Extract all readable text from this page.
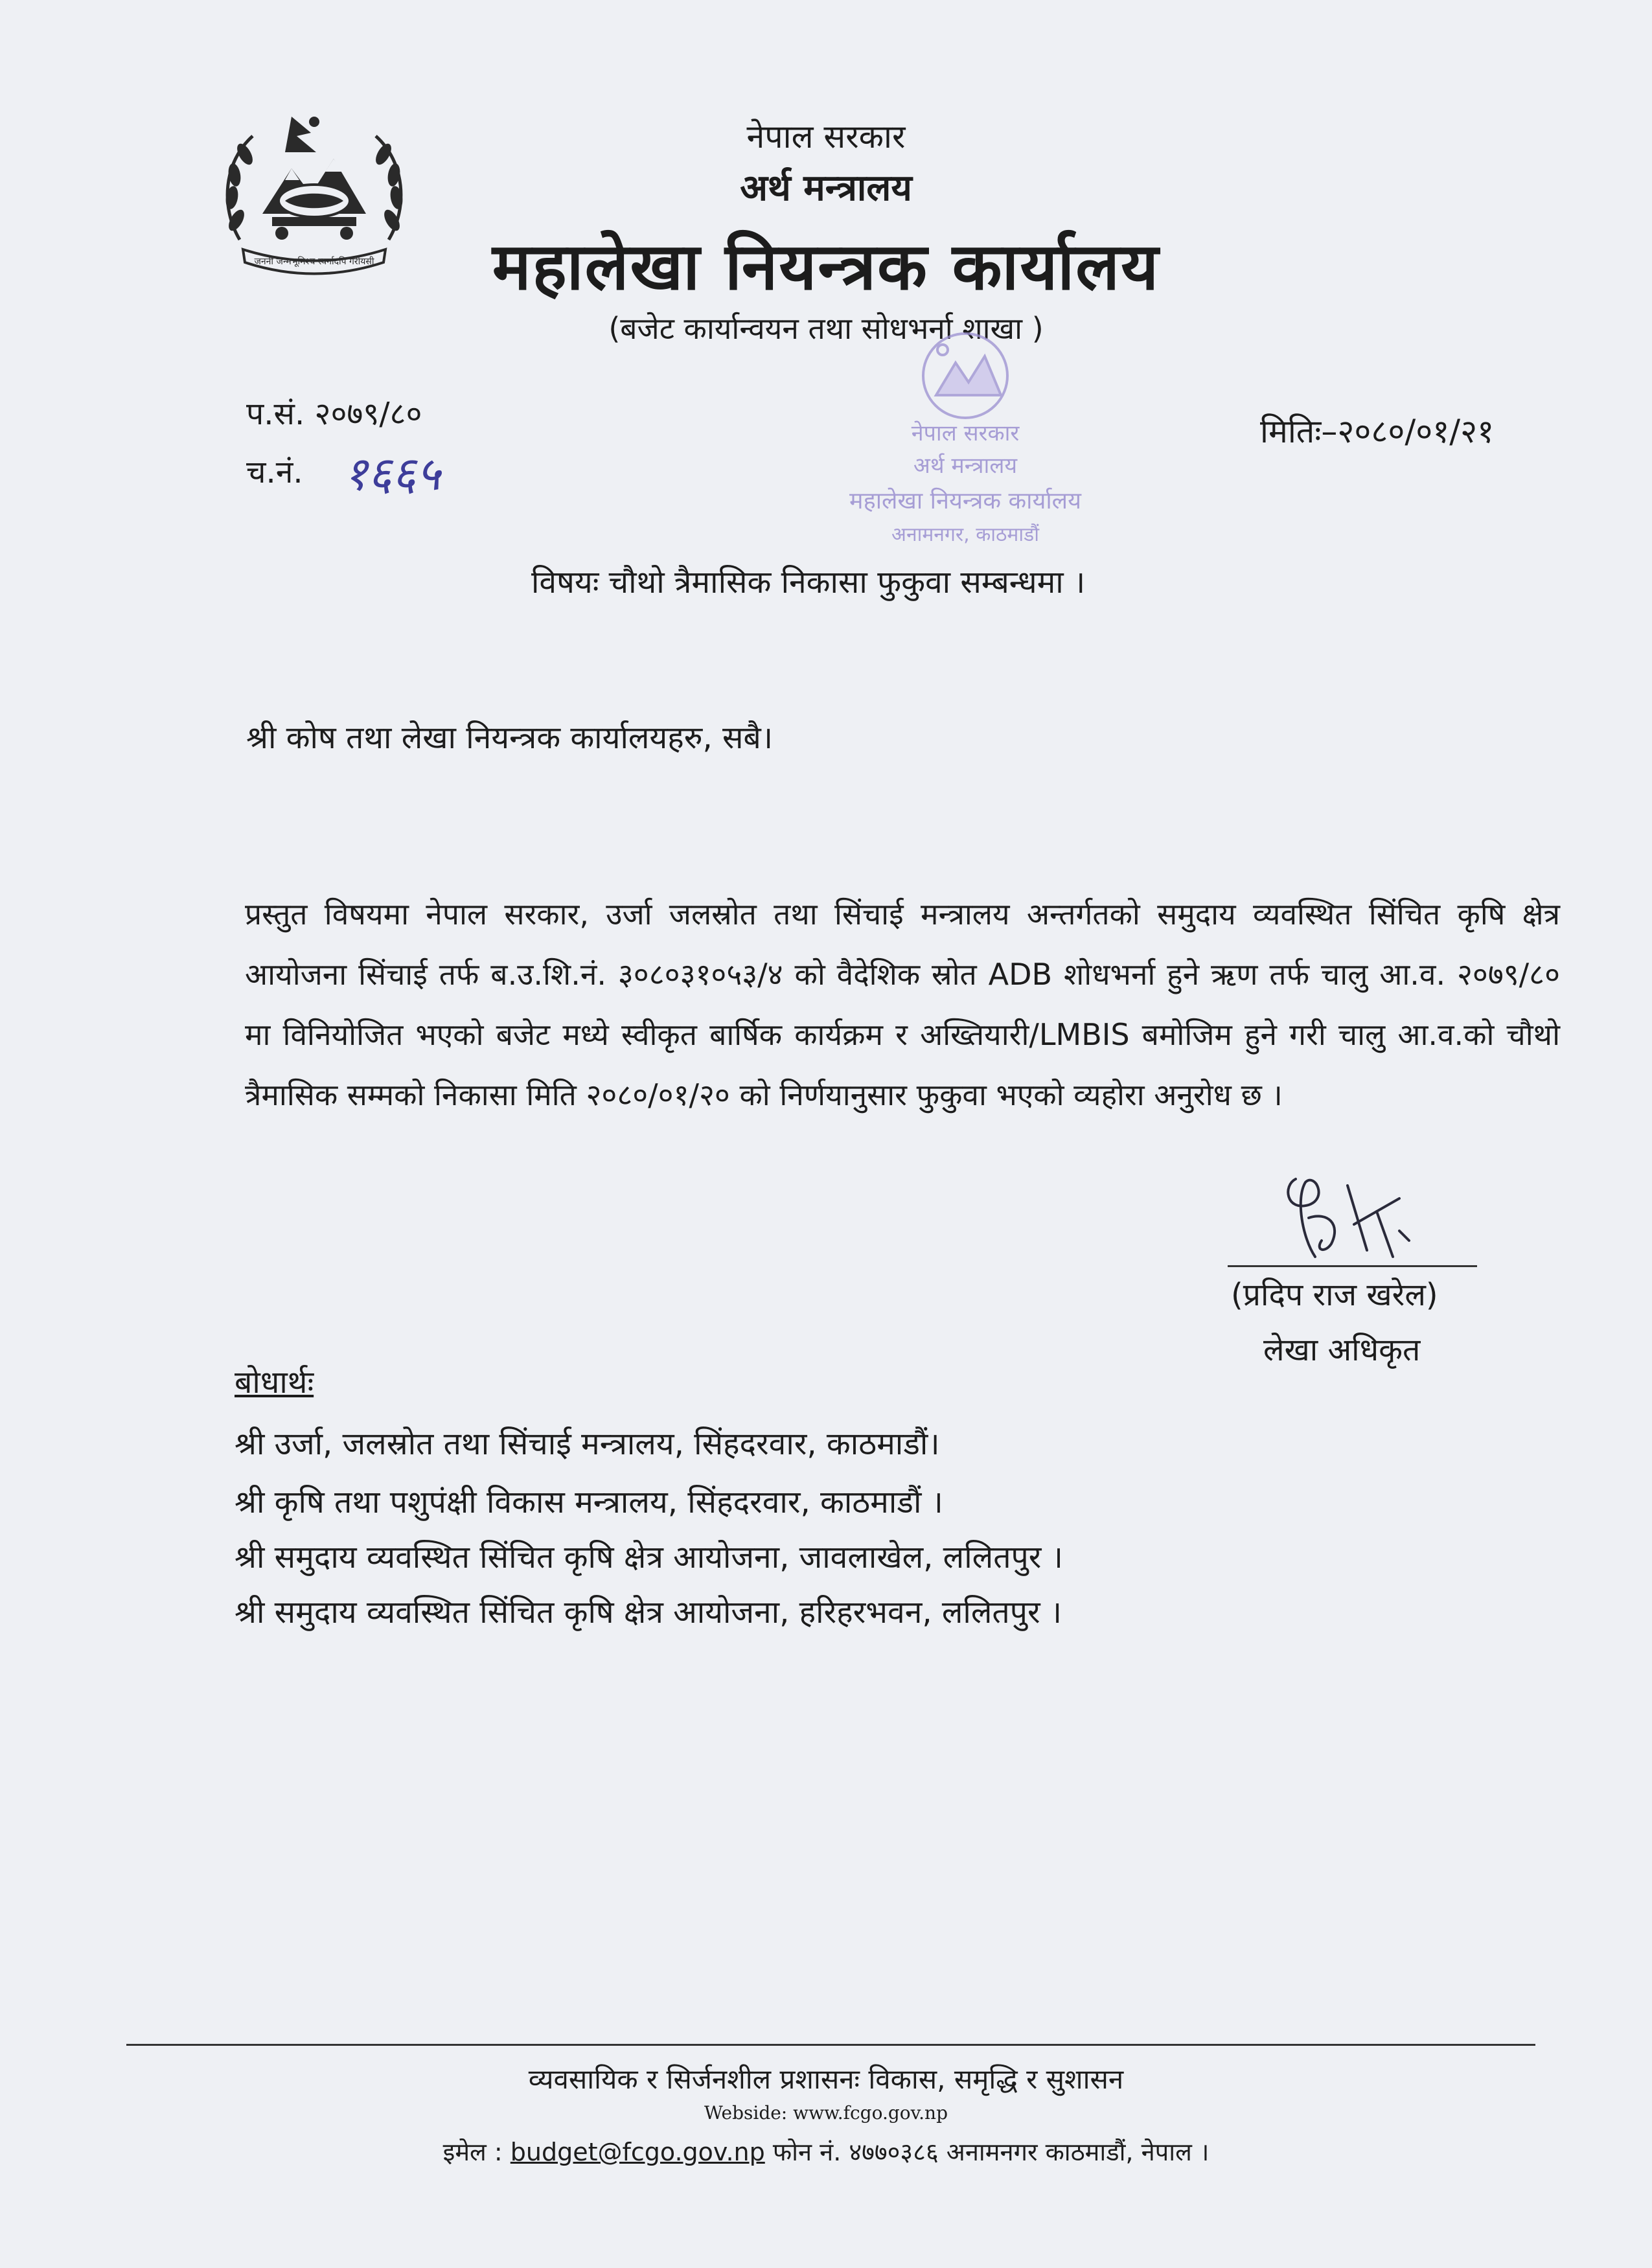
जननी जन्मभूमिश्च स्वर्गादपि गरीयसी
नेपाल सरकार
अर्थ मन्त्रालय
महालेखा नियन्त्रक कार्यालय
(बजेट कार्यान्वयन तथा सोधभर्ना शाखा )
प.सं. २०७९/८०
च.नं. १६६५
मितिः–२०८०/०१/२१
नेपाल सरकार
अर्थ मन्त्रालय
महालेखा नियन्त्रक कार्यालय
अनामनगर, काठमाडौं
विषयः चौथो त्रैमासिक निकासा फुकुवा सम्बन्धमा ।
श्री कोष तथा लेखा नियन्त्रक कार्यालयहरु, सबै।
प्रस्तुत विषयमा नेपाल सरकार, उर्जा जलस्रोत तथा सिंचाई मन्त्रालय अन्तर्गतको समुदाय व्यवस्थित सिंचित कृषि क्षेत्र आयोजना सिंचाई तर्फ ब.उ.शि.नं. ३०८०३१०५३/४ को वैदेशिक स्रोत ADB शोधभर्ना हुने ऋण तर्फ चालु आ.व. २०७९/८० मा विनियोजित भएको बजेट मध्ये स्वीकृत बार्षिक कार्यक्रम र अख्तियारी/LMBIS बमोजिम हुने गरी चालु आ.व.को चौथो त्रैमासिक सम्मको निकासा मिति २०८०/०१/२० को निर्णयानुसार फुकुवा भएको व्यहोरा अनुरोध छ ।
(प्रदिप राज खरेल)
लेखा अधिकृत
बोधार्थः
श्री उर्जा, जलस्रोत तथा सिंचाई मन्त्रालय, सिंहदरवार, काठमाडौं।
श्री कृषि तथा पशुपंक्षी विकास मन्त्रालय, सिंहदरवार, काठमाडौं ।
श्री समुदाय व्यवस्थित सिंचित कृषि क्षेत्र आयोजना, जावलाखेल, ललितपुर ।
श्री समुदाय व्यवस्थित सिंचित कृषि क्षेत्र आयोजना, हरिहरभवन, ललितपुर ।
व्यवसायिक र सिर्जनशील प्रशासनः विकास, समृद्धि र सुशासन
Webside: www.fcgo.gov.np
इमेल : budget@fcgo.gov.np फोन नं. ४७७०३८६ अनामनगर काठमाडौं, नेपाल ।
